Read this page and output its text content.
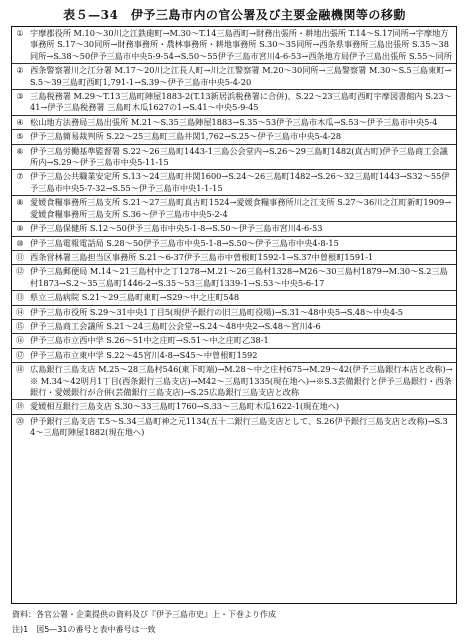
表５—34　伊予三島市内の官公署及び主要金融機関等の移動
① 宇摩郡役所 M.10〜30川之江鉄砲町→M.30〜T.14三島西町→財務出張所・耕地出張所 T.14〜S.17同所→宇摩地方事務所 S.17〜30同所→財務事務所・農林事務所・耕地事務所 S.30〜35同所→西条県事務所三島出張所 S.35〜38同所→S.38〜50伊予三島市中央5-9-54→S.50〜55伊予三島市宮川4-6-53→西条地方局伊予三島出張所 S.55〜同所
② 西条警察署川之江分署 M.17〜20川之江長人町→川之江警察署 M.20〜30同所→三島警察署 M.30〜S.5三島東町→S.5〜39三島町西町1,791-1→S.39〜伊予三島市中央5-4-20
③ 三島税務署 M.29〜T.13三島町陣屋1883-2(T.13新居浜税務署に合併)、S.22〜23三島町西町宇摩図書館内 S.23〜41→伊予三島税務署 三島町木瓜1627の1→S.41〜中央5-9-45
④ 松山地方法務局三島出張所 M.21〜S.35三島陣屋1883→S.35〜53伊予三島市木瓜→S.53〜伊予三島市中央5-4
⑤ 伊予三島簡易裁判所 S.22〜25三島町三島井関1,762→S.25〜伊予三島市中央5-4-28
⑥ 伊予三島労働基準監督署 S.22〜26三島町1443-1三島公会堂内→S.26〜29三島町1482(真古町)伊予三島商工会議所内→S.29〜伊予三島市中央5-11-15
⑦ 伊予三島公共職業安定所 S.13〜24三島町井関1600→S.24〜26三島町1482→S.26〜32三島町1443→S32〜55伊予三島市中央5-7-32→S.55〜伊予三島市中央1-1-15
⑧ 愛媛食糧事務所三島支所 S.21〜27三島町真古町1524→愛媛食糧事務所川之江支所 S.27〜36川之江町新町1909→愛媛食糧事務所三島支所 S.36〜伊予三島市中央5-2-4
⑨ 伊予三島保健所 S.12〜50伊予三島市中央5-1-8→S.50〜伊予三島市宮川4-6-53
⑩ 伊予三島電報電話局 S.28〜50伊予三島市中央5-1-8→S.50〜伊予三島市中央4-8-15
⑪ 西条営林署三島担当区事務所 S.21〜6-37伊予三島市中曽根町1592-1→S.37中曽根町1591-1
⑫ 伊予三島郵便局 M.14〜21三島村中之丁1278→M.21〜26三島村1328→M26〜30三島村1879→M.30〜S.2三島村1873→S.2〜35三島町1446-2→S.35〜53三島町1339-1→S.53〜中央5-6-17
⑬ 県立三島病院 S.21〜29三島町東町→S29〜中之庄町548
⑭ 伊予三島市役所 S.29〜31中央1丁目5(現伊予銀行の旧三島町役場)→S.31〜48中央5→S.48〜中央4-5
⑮ 伊予三島商工会議所 S.21〜24三島町公会堂→S.24〜48中央2→S.48〜宮川4-6
⑯ 伊予三島市立西中学 S.26〜51中之庄町→S.51〜中之庄町乙38-1
⑰ 伊予三島市立東中学 S.22〜45宮川4-8→S45〜中曽根町1592
⑱ 広島銀行三島支店 M.25〜28三島村546(東下町端)→M.28〜中之庄村675→M.29〜42(伊予三島銀行本店と改称)→※ M.34〜42明月1丁目(西条銀行三島支店)→M42〜三島町1335(現在地へ)→※S.3芸備銀行と伊予三島銀行・西条銀行・愛媛銀行が合併(芸備銀行三島支店)→S.25広島銀行三島支店と改称
⑲ 愛媛相互銀行三島支店 S.30〜33三島町1760→S.33〜三島町木瓜1622-1(現在地へ)
⑳ 伊予銀行三島支店 T.5〜S.34三島町神之元1134(五十二銀行三島支店として、S.26伊予銀行三島支店と改称)→S.34〜三島町陣屋1882(現在地へ)
資料：各官公署・企業提供の資料及び『伊予三島市史』上・下巻より作成
注)1　図5—31の番号と表中番号は一致
